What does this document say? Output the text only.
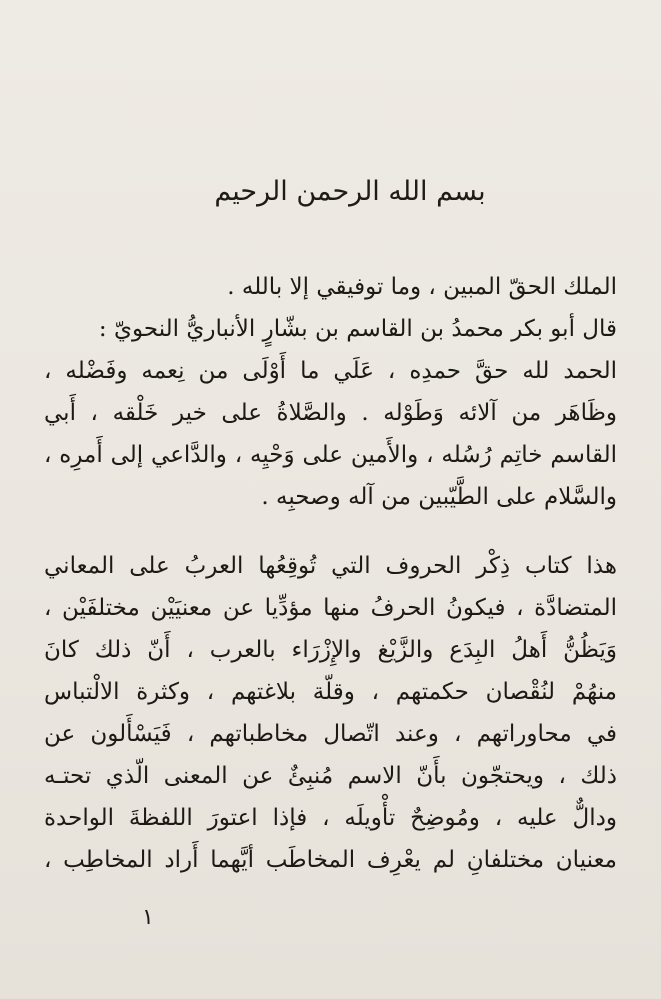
بسم الله الرحمن الرحيم
الملك الحقّ المبين ، وما توفيقي إلا بالله .
قال أبو بكر محمدُ بن القاسم بن بشّارٍ الأنباريُّ النحويّ :
الحمد لله حقَّ حمدِه ، عَلَي ما أَوْلَى من نِعمه وفَضْله ،
وظَاهَر من آلائه وَطَوْله . والصَّلاةُ على خير خَلْقه ، أَبي
القاسم خاتِم رُسُله ، والأَمين على وَحْيِه ، والدَّاعي إلى أَمرِه ،
والسَّلام على الطَّيّبين من آله وصحبِه .
هذا كتاب ذِكْر الحروف التي تُوقِعُها العربُ على المعاني
المتضادَّة ، فيكونُ الحرفُ منها مؤدِّيا عن معنيَيْن مختلفَيْن ،
وَيَظُنُّ أَهلُ البِدَع والزَّيْغ والإِزْرَاء بالعرب ، أَنّ ذلك كانَ
منهُمْ لنُقْصان حكمتهم ، وقلّة بلاغتهم ، وكثرة الالْتباس
في محاوراتهم ، وعند اتّصال مخاطباتهم ، فَيَسْأَلون عن
ذلك ، ويحتجّون بأَنّ الاسم مُنبِئٌ عن المعنى الّذي تحتـه
ودالٌّ عليه ، ومُوضِحٌ تأْويلَه ، فإذا اعتورَ اللفظةَ الواحدة
معنيان مختلفانِ لم يعْرِف المخاطَب أيَّهما أَراد المخاطِب ،
١
